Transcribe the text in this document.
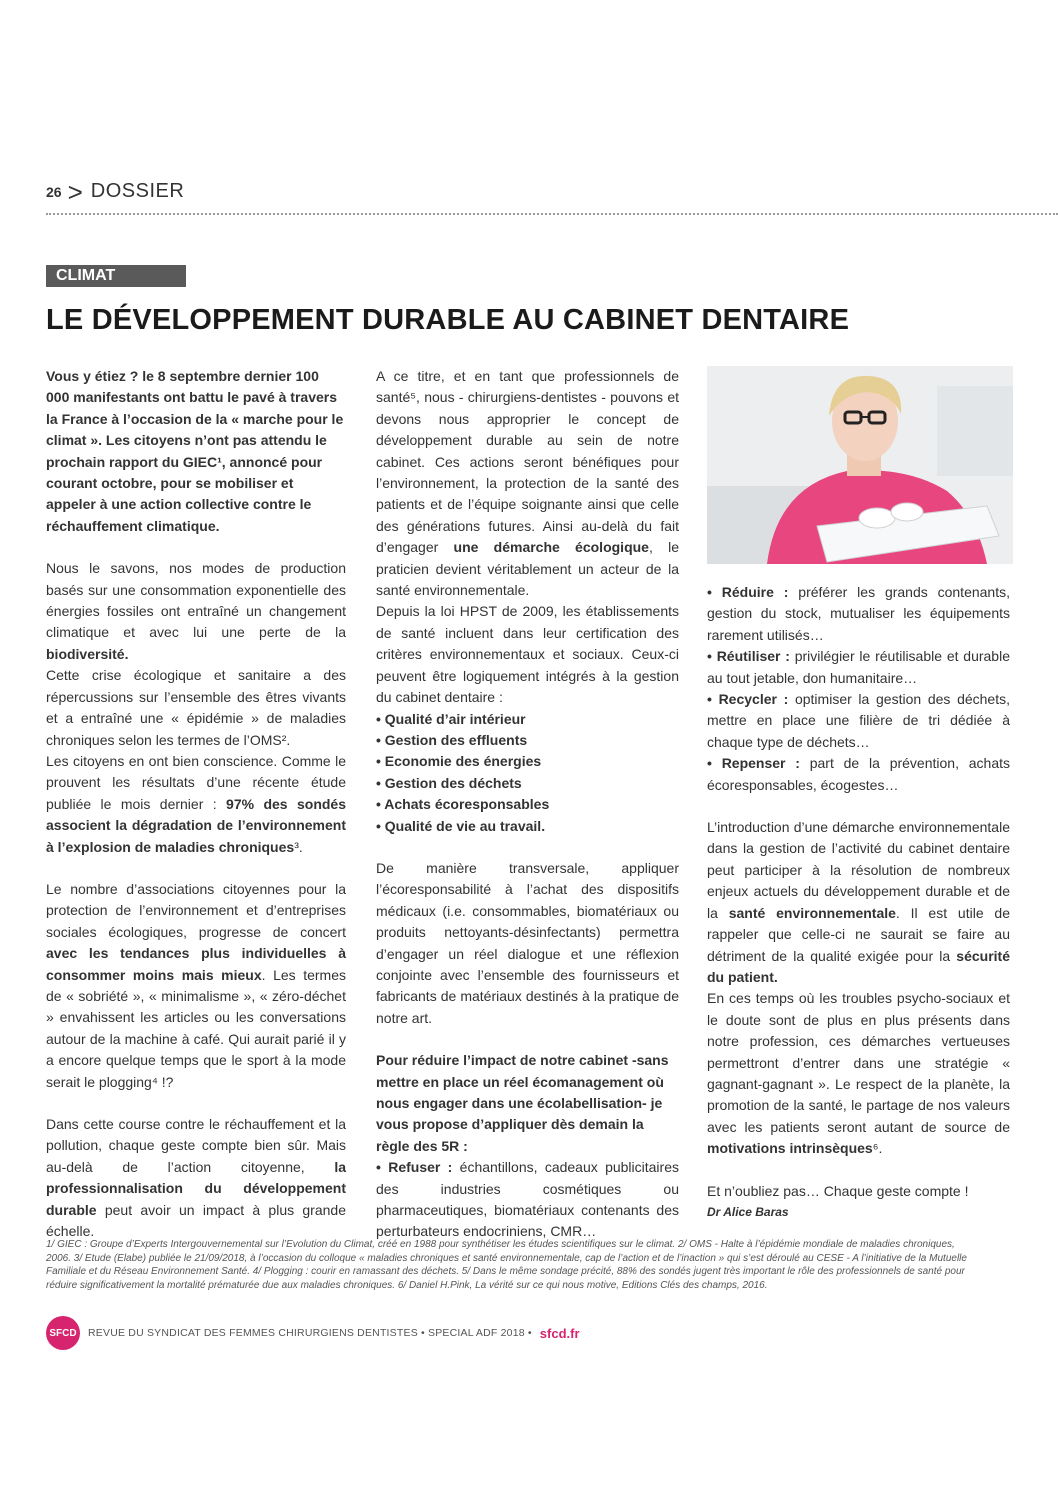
26 > DOSSIER
CLIMAT
LE DÉVELOPPEMENT DURABLE AU CABINET DENTAIRE

Vous y étiez ? le 8 septembre dernier 100 000 manifestants ont battu le pavé à travers la France à l’occasion de la « marche pour le climat ». Les citoyens n’ont pas attendu le prochain rapport du GIEC¹, annoncé pour courant octobre, pour se mobiliser et appeler à une action collective contre le réchauffement climatique.

Nous le savons, nos modes de production basés sur une consommation exponentielle des énergies fossiles ont entraîné un changement climatique et avec lui une perte de la biodiversité.

Cette crise écologique et sanitaire a des répercussions sur l’ensemble des êtres vivants et a entraîné une « épidémie » de maladies chroniques selon les termes de l’OMS².

Les citoyens en ont bien conscience. Comme le prouvent les résultats d’une récente étude publiée le mois dernier : 97% des sondés associent la dégradation de l’environnement à l’explosion de maladies chroniques³.

Le nombre d’associations citoyennes pour la protection de l’environnement et d’entreprises sociales écologiques, progresse de concert avec les tendances plus individuelles à consommer moins mais mieux. Les termes de « sobriété », « minimalisme », « zéro-déchet » envahissent les articles ou les conversations autour de la machine à café. Qui aurait parié il y a encore quelque temps que le sport à la mode serait le plogging⁴ !?

Dans cette course contre le réchauffement et la pollution, chaque geste compte bien sûr. Mais au-delà de l’action citoyenne, la professionnalisation du développement durable peut avoir un impact à plus grande échelle.

A ce titre, et en tant que professionnels de santé⁵, nous - chirurgiens-dentistes - pouvons et devons nous approprier le concept de développement durable au sein de notre cabinet. Ces actions seront bénéfiques pour l’environnement, la protection de la santé des patients et de l’équipe soignante ainsi que celle des générations futures. Ainsi au-delà du fait d’engager une démarche écologique, le praticien devient véritablement un acteur de la santé environnementale.

Depuis la loi HPST de 2009, les établissements de santé incluent dans leur certification des critères environnementaux et sociaux. Ceux-ci peuvent être logiquement intégrés à la gestion du cabinet dentaire :

• Qualité d’air intérieur

• Gestion des effluents

• Economie des énergies

• Gestion des déchets

• Achats écoresponsables

• Qualité de vie au travail.

De manière transversale, appliquer l’écoresponsabilité à l’achat des dispositifs médicaux (i.e. consommables, biomatériaux ou produits nettoyants-désinfectants) permettra d’engager un réel dialogue et une réflexion conjointe avec l’ensemble des fournisseurs et fabricants de matériaux destinés à la pratique de notre art.

Pour réduire l’impact de notre cabinet -sans mettre en place un réel écomanagement où nous engager dans une écolabellisation- je vous propose d’appliquer dès demain la règle des 5R :

• Refuser : échantillons, cadeaux publicitaires des industries cosmétiques ou pharmaceutiques, biomatériaux contenants des perturbateurs endocriniens, CMR…

• Réduire : préférer les grands contenants, gestion du stock, mutualiser les équipements rarement utilisés…

• Réutiliser : privilégier le réutilisable et durable au tout jetable, don humanitaire…

• Recycler : optimiser la gestion des déchets, mettre en place une filière de tri dédiée à chaque type de déchets…

• Repenser : part de la prévention, achats écoresponsables, écogestes…

L’introduction d’une démarche environnementale dans la gestion de l’activité du cabinet dentaire peut participer à la résolution de nombreux enjeux actuels du développement durable et de la santé environnementale. Il est utile de rappeler que celle-ci ne saurait se faire au détriment de la qualité exigée pour la sécurité du patient.

En ces temps où les troubles psycho-sociaux et le doute sont de plus en plus présents dans notre profession, ces démarches vertueuses permettront d’entrer dans une stratégie « gagnant-gagnant ». Le respect de la planète, la promotion de la santé, le partage de nos valeurs avec les patients seront autant de source de motivations intrinsèques⁶.

Et n’oubliez pas… Chaque geste compte !

Dr Alice Baras

1/ GIEC : Groupe d’Experts Intergouvernemental sur l’Evolution du Climat, créé en 1988 pour synthétiser les études scientifiques sur le climat. 2/ OMS - Halte à l’épidémie mondiale de maladies chroniques, 2006. 3/ Etude (Elabe) publiée le 21/09/2018, à l’occasion du colloque « maladies chroniques et santé environnementale, cap de l’action et de l’inaction » qui s’est déroulé au CESE - A l’initiative de la Mutuelle Familiale et du Réseau Environnement Santé. 4/ Plogging : courir en ramassant des déchets. 5/ Dans le même sondage précité, 88% des sondés jugent très important le rôle des professionnels de santé pour réduire significativement la mortalité prématurée due aux maladies chroniques. 6/ Daniel H.Pink, La vérité sur ce qui nous motive, Editions Clés des champs, 2016.
SFCD	REVUE DU SYNDICAT DES FEMMES CHIRURGIENS DENTISTES • SPECIAL ADF 2018 • sfcd.fr
